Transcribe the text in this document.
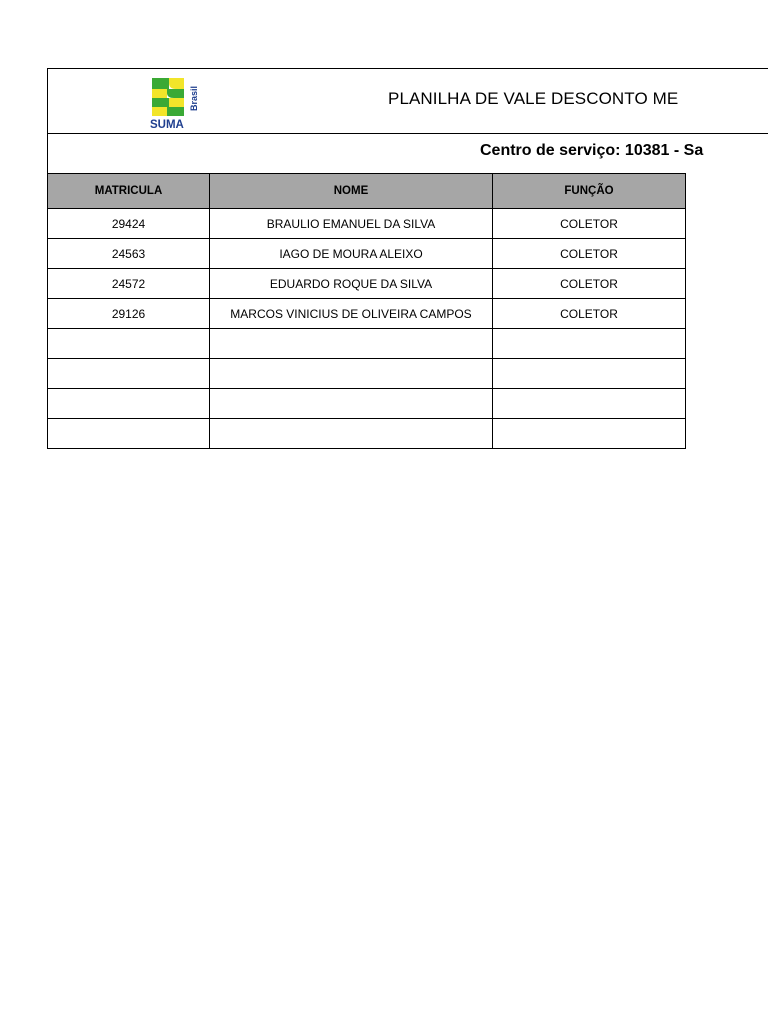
SUMA
Brasil	PLANILHA DE VALE DESCONTO ME
Centro de serviço: 10381 - Sa
MATRICULA	NOME	FUNÇÃO
29424	BRAULIO EMANUEL DA SILVA	COLETOR
24563	IAGO DE MOURA ALEIXO	COLETOR
24572	EDUARDO ROQUE DA SILVA	COLETOR
29126	MARCOS VINICIUS DE OLIVEIRA CAMPOS	COLETOR
